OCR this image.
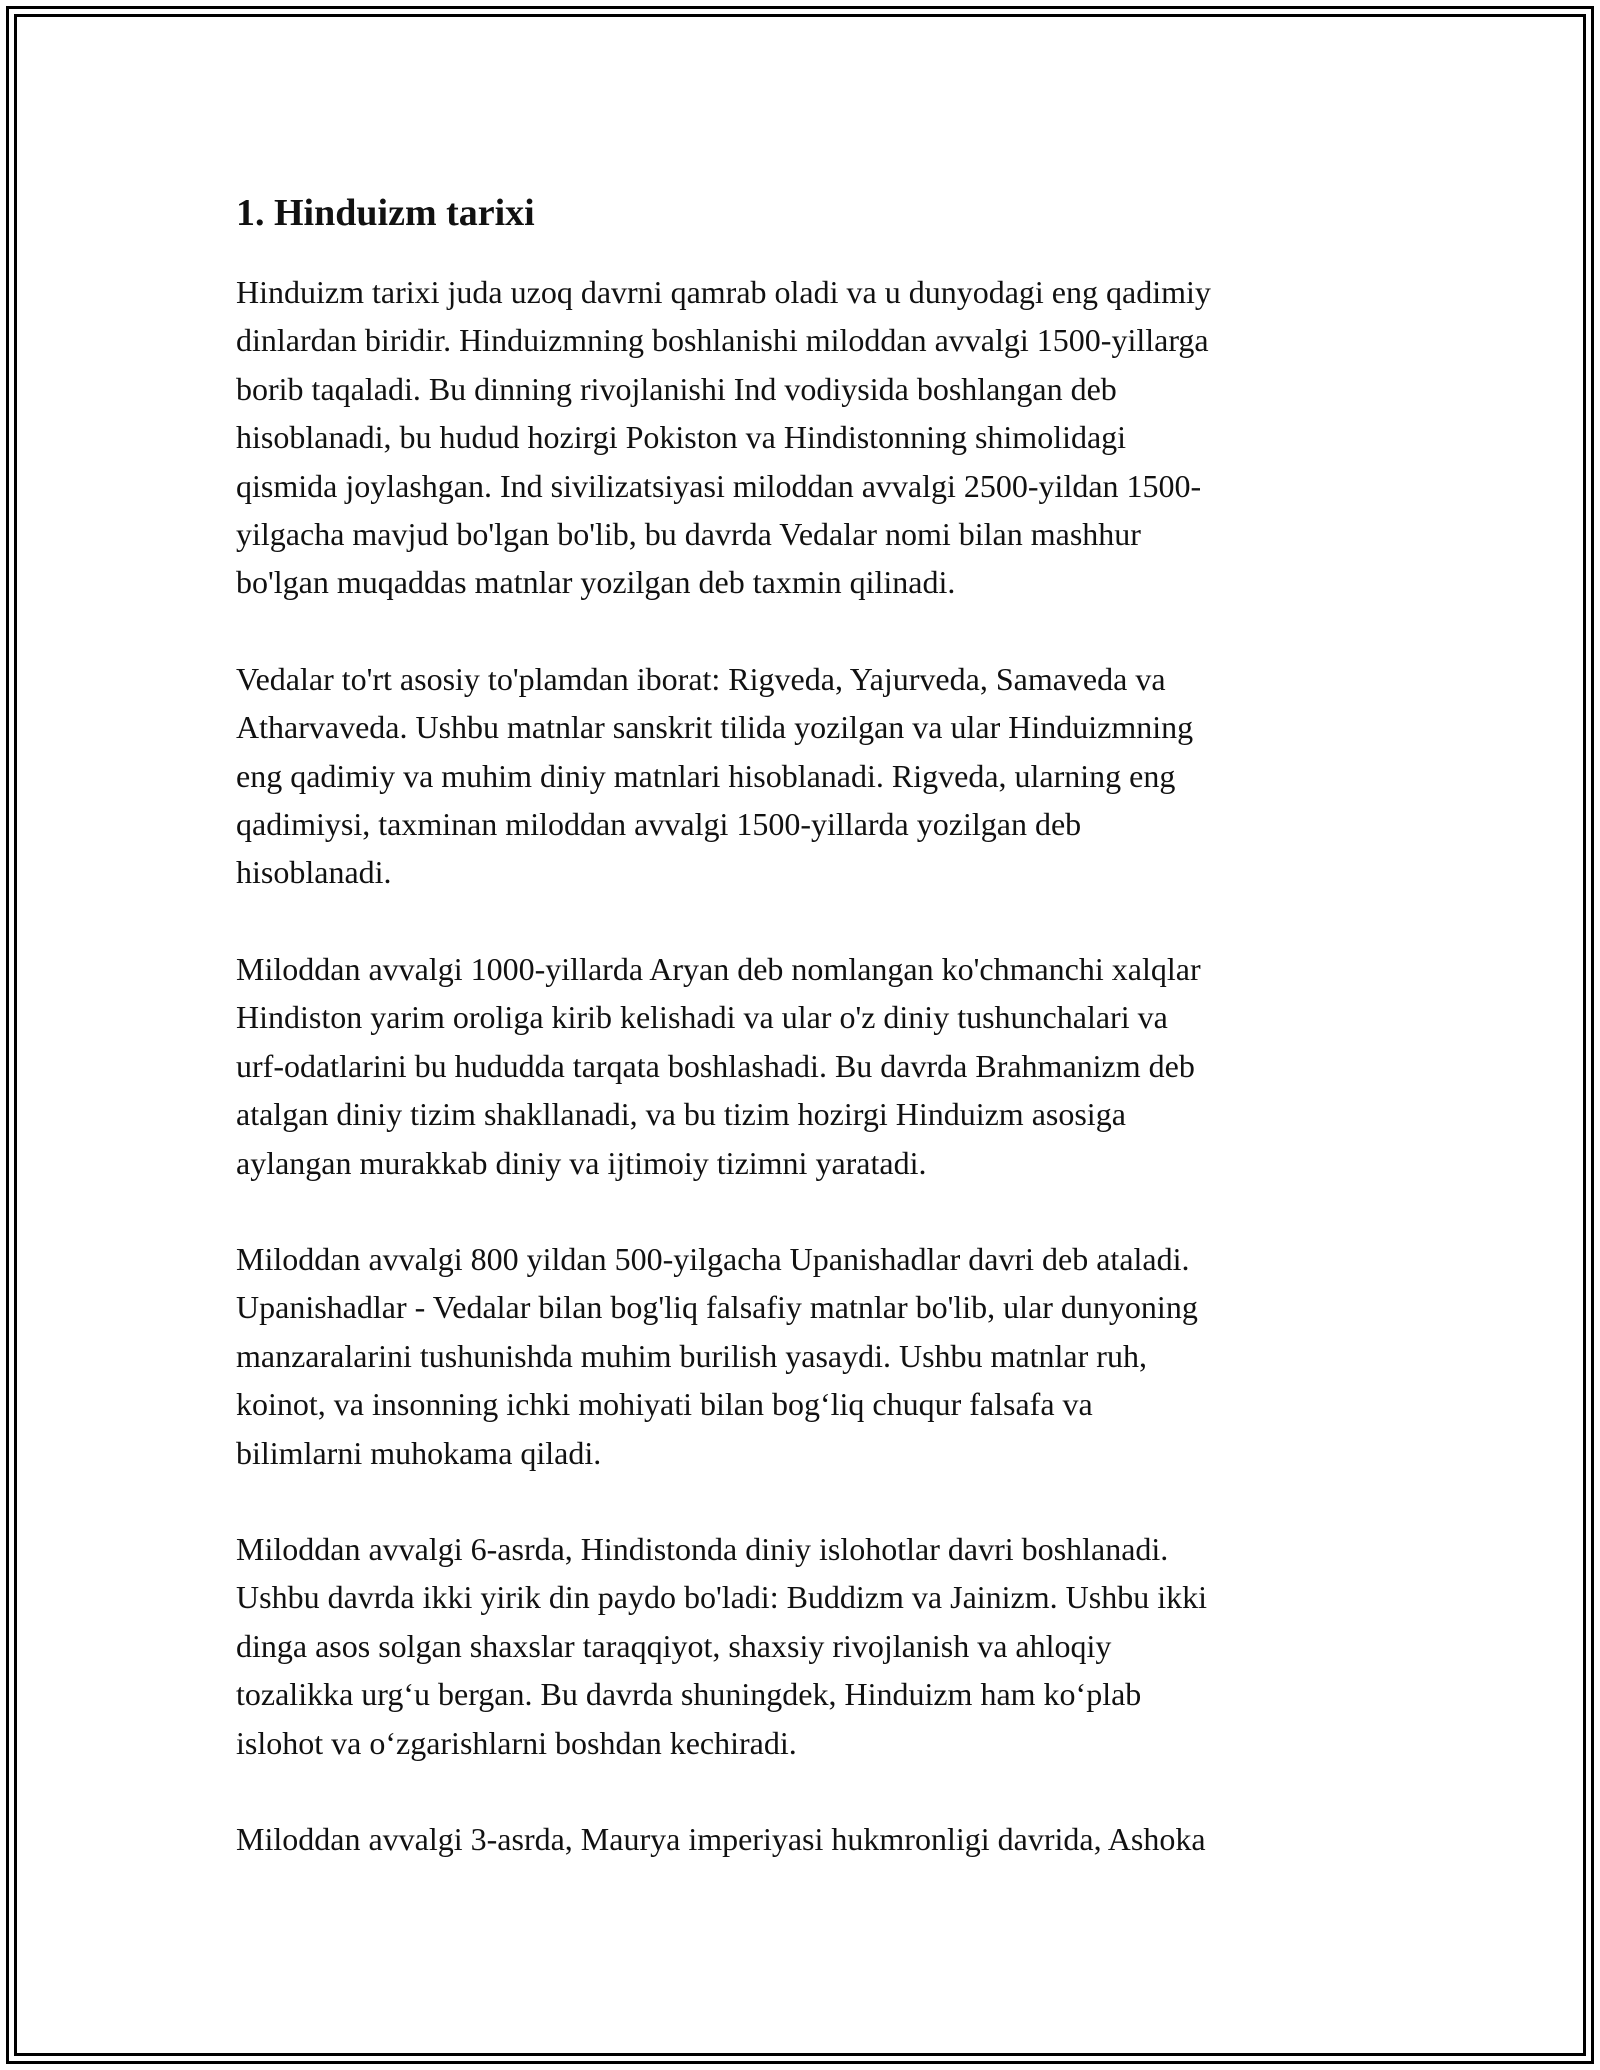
1. Hinduizm tarixi

Hinduizm tarixi juda uzoq davrni qamrab oladi va u dunyodagi eng qadimiy
dinlardan biridir. Hinduizmning boshlanishi miloddan avvalgi 1500-yillarga
borib taqaladi. Bu dinning rivojlanishi Ind vodiysida boshlangan deb
hisoblanadi, bu hudud hozirgi Pokiston va Hindistonning shimolidagi
qismida joylashgan. Ind sivilizatsiyasi miloddan avvalgi 2500-yildan 1500-
yilgacha mavjud bo'lgan bo'lib, bu davrda Vedalar nomi bilan mashhur
bo'lgan muqaddas matnlar yozilgan deb taxmin qilinadi.

Vedalar to'rt asosiy to'plamdan iborat: Rigveda, Yajurveda, Samaveda va
Atharvaveda. Ushbu matnlar sanskrit tilida yozilgan va ular Hinduizmning
eng qadimiy va muhim diniy matnlari hisoblanadi. Rigveda, ularning eng
qadimiysi, taxminan miloddan avvalgi 1500-yillarda yozilgan deb
hisoblanadi.

Miloddan avvalgi 1000-yillarda Aryan deb nomlangan ko'chmanchi xalqlar
Hindiston yarim oroliga kirib kelishadi va ular o'z diniy tushunchalari va
urf-odatlarini bu hududda tarqata boshlashadi. Bu davrda Brahmanizm deb
atalgan diniy tizim shakllanadi, va bu tizim hozirgi Hinduizm asosiga
aylangan murakkab diniy va ijtimoiy tizimni yaratadi.

Miloddan avvalgi 800 yildan 500-yilgacha Upanishadlar davri deb ataladi.
Upanishadlar - Vedalar bilan bog'liq falsafiy matnlar bo'lib, ular dunyoning
manzaralarini tushunishda muhim burilish yasaydi. Ushbu matnlar ruh,
koinot, va insonning ichki mohiyati bilan bog‘liq chuqur falsafa va
bilimlarni muhokama qiladi.

Miloddan avvalgi 6-asrda, Hindistonda diniy islohotlar davri boshlanadi.
Ushbu davrda ikki yirik din paydo bo'ladi: Buddizm va Jainizm. Ushbu ikki
dinga asos solgan shaxslar taraqqiyot, shaxsiy rivojlanish va ahloqiy
tozalikka urg‘u bergan. Bu davrda shuningdek, Hinduizm ham ko‘plab
islohot va o‘zgarishlarni boshdan kechiradi.

Miloddan avvalgi 3-asrda, Maurya imperiyasi hukmronligi davrida, Ashoka
